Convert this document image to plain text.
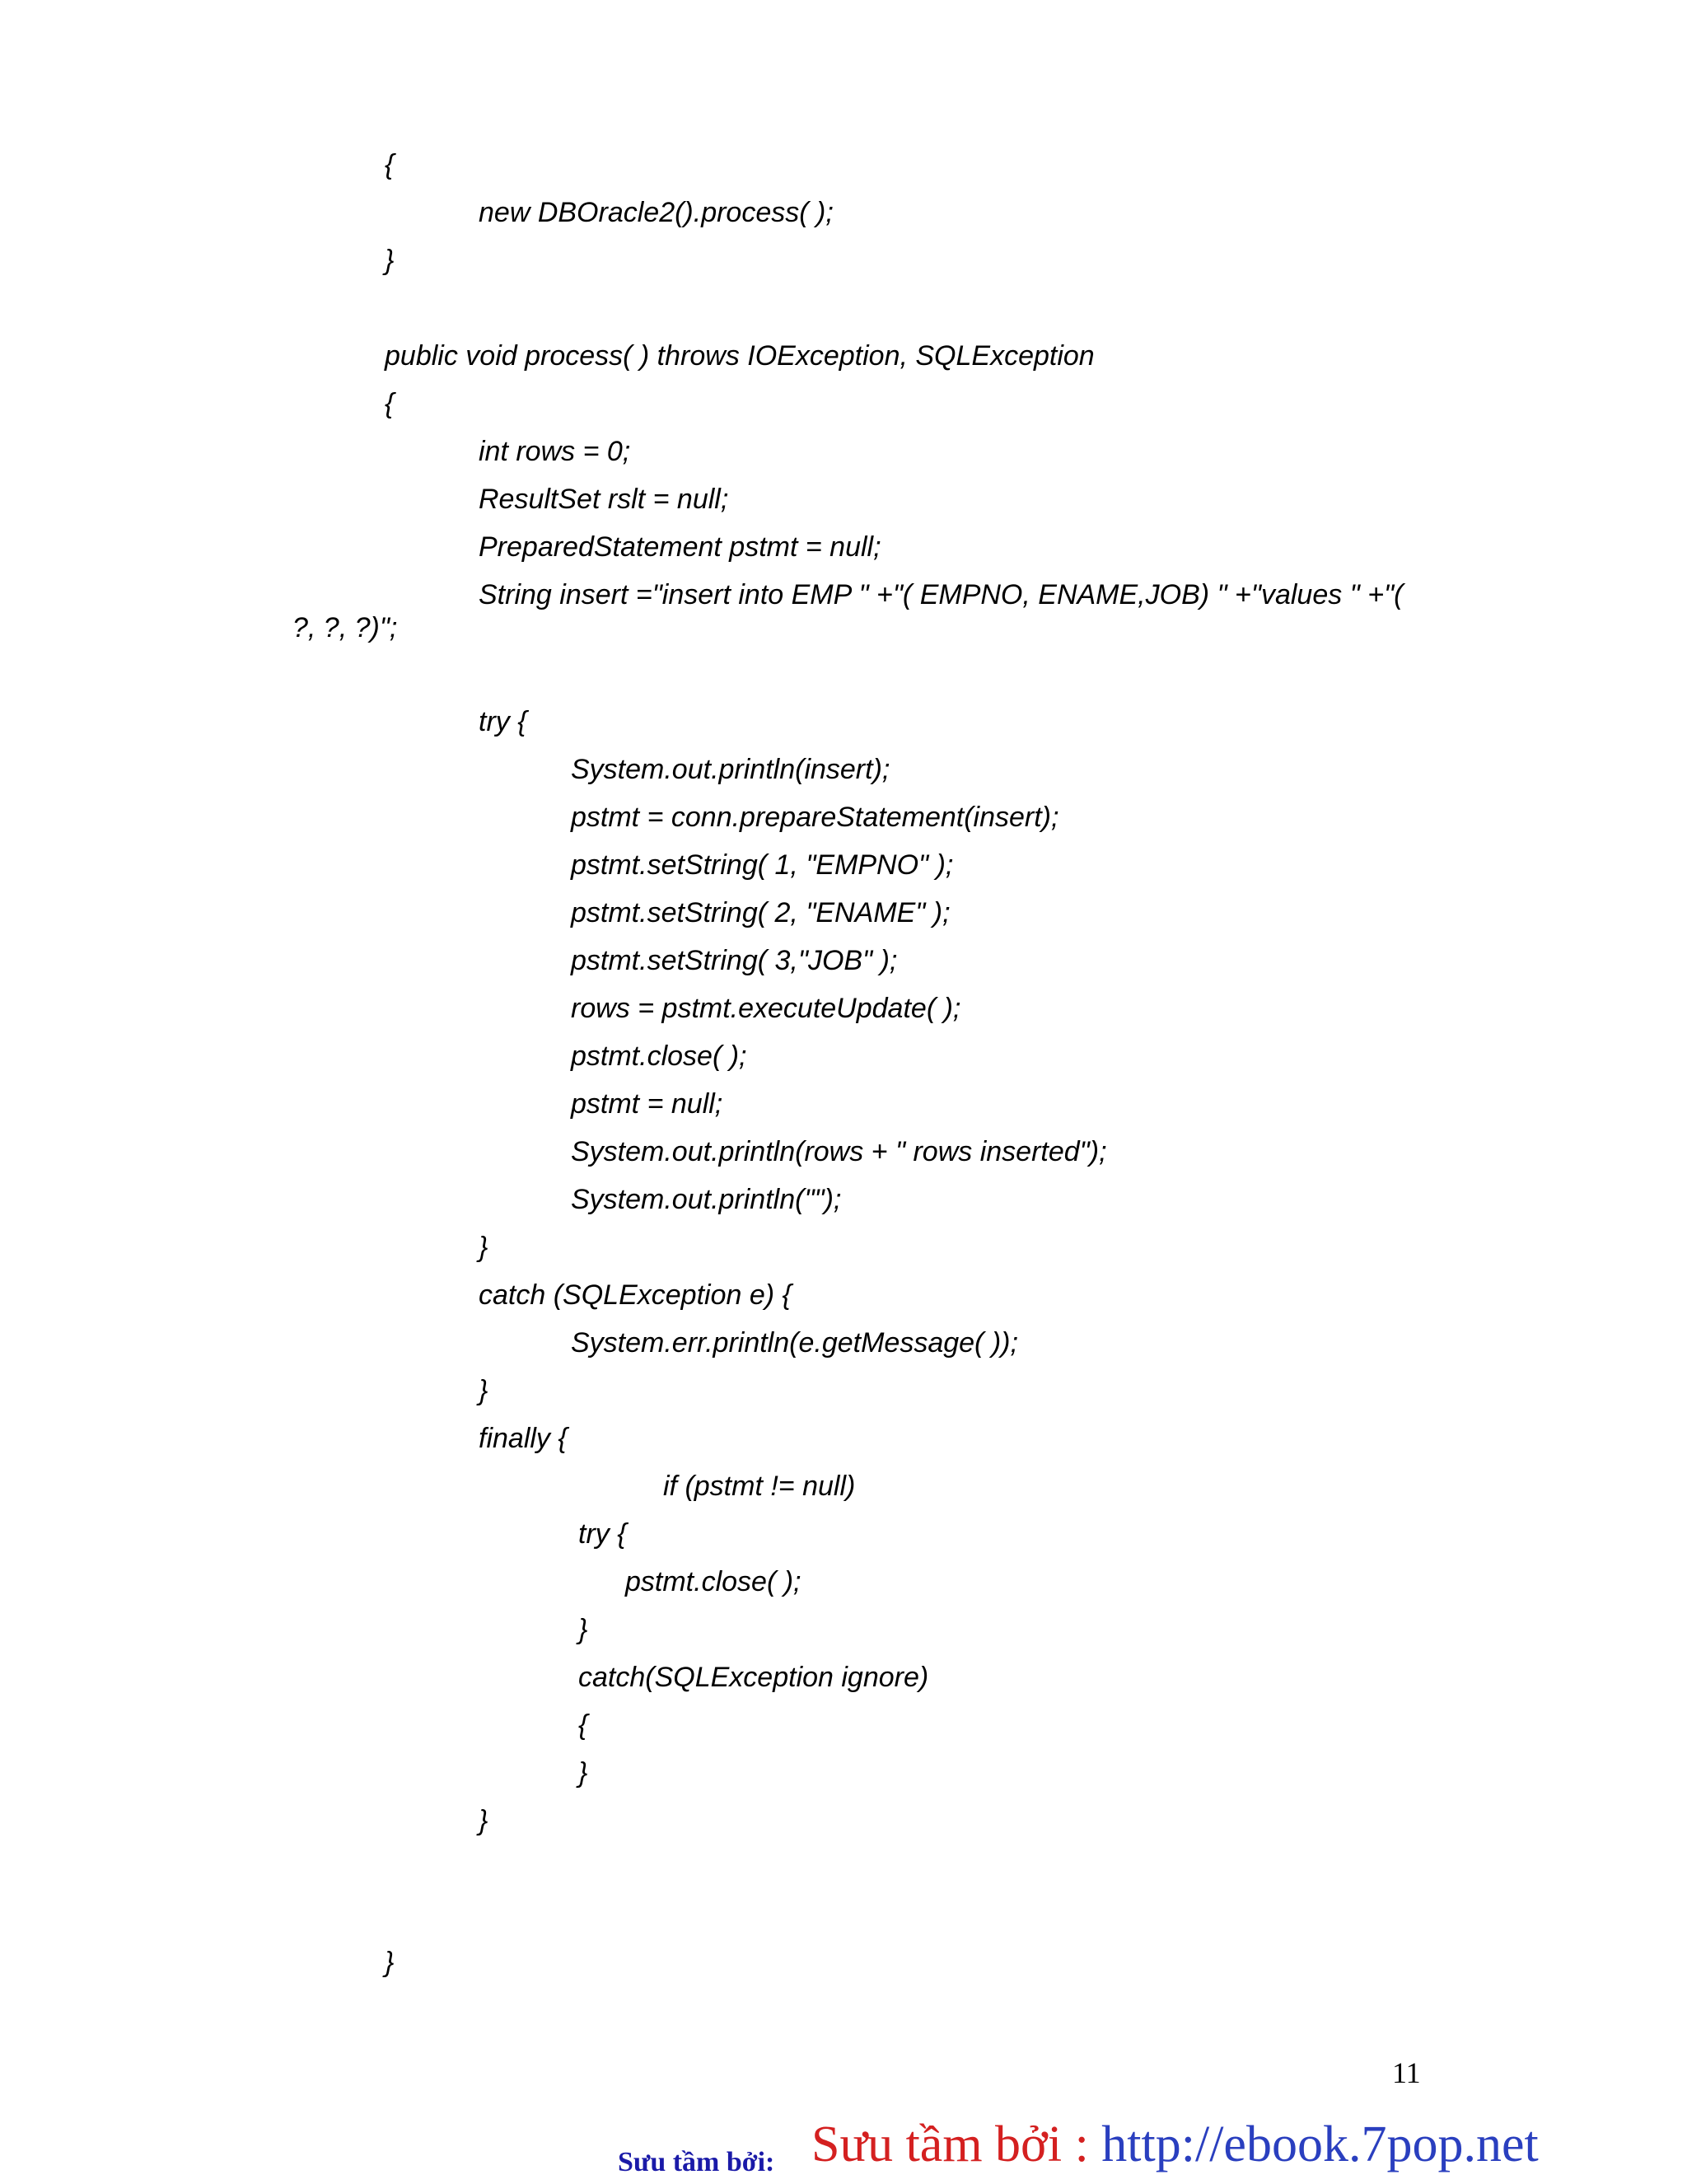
{
new DBOracle2().process( );
}
public void process( ) throws IOException, SQLException
{
int rows = 0;
ResultSet rslt = null;
PreparedStatement pstmt = null;
String insert ="insert into EMP " +"( EMPNO, ENAME,JOB) " +"values " +"(
?, ?, ?)";
try {
System.out.println(insert);
pstmt = conn.prepareStatement(insert);
pstmt.setString( 1, "EMPNO" );
pstmt.setString( 2, "ENAME" );
pstmt.setString( 3,"JOB" );
rows = pstmt.executeUpdate( );
pstmt.close( );
pstmt = null;
System.out.println(rows + " rows inserted");
System.out.println("");
}
catch (SQLException e) {
System.err.println(e.getMessage( ));
}
finally {
if (pstmt != null)
try {
pstmt.close( );
}
catch(SQLException ignore)
{
}
}
}
11
Sưu tầm bởi: Sưu tầm bởi : http://ebook.7pop.net
